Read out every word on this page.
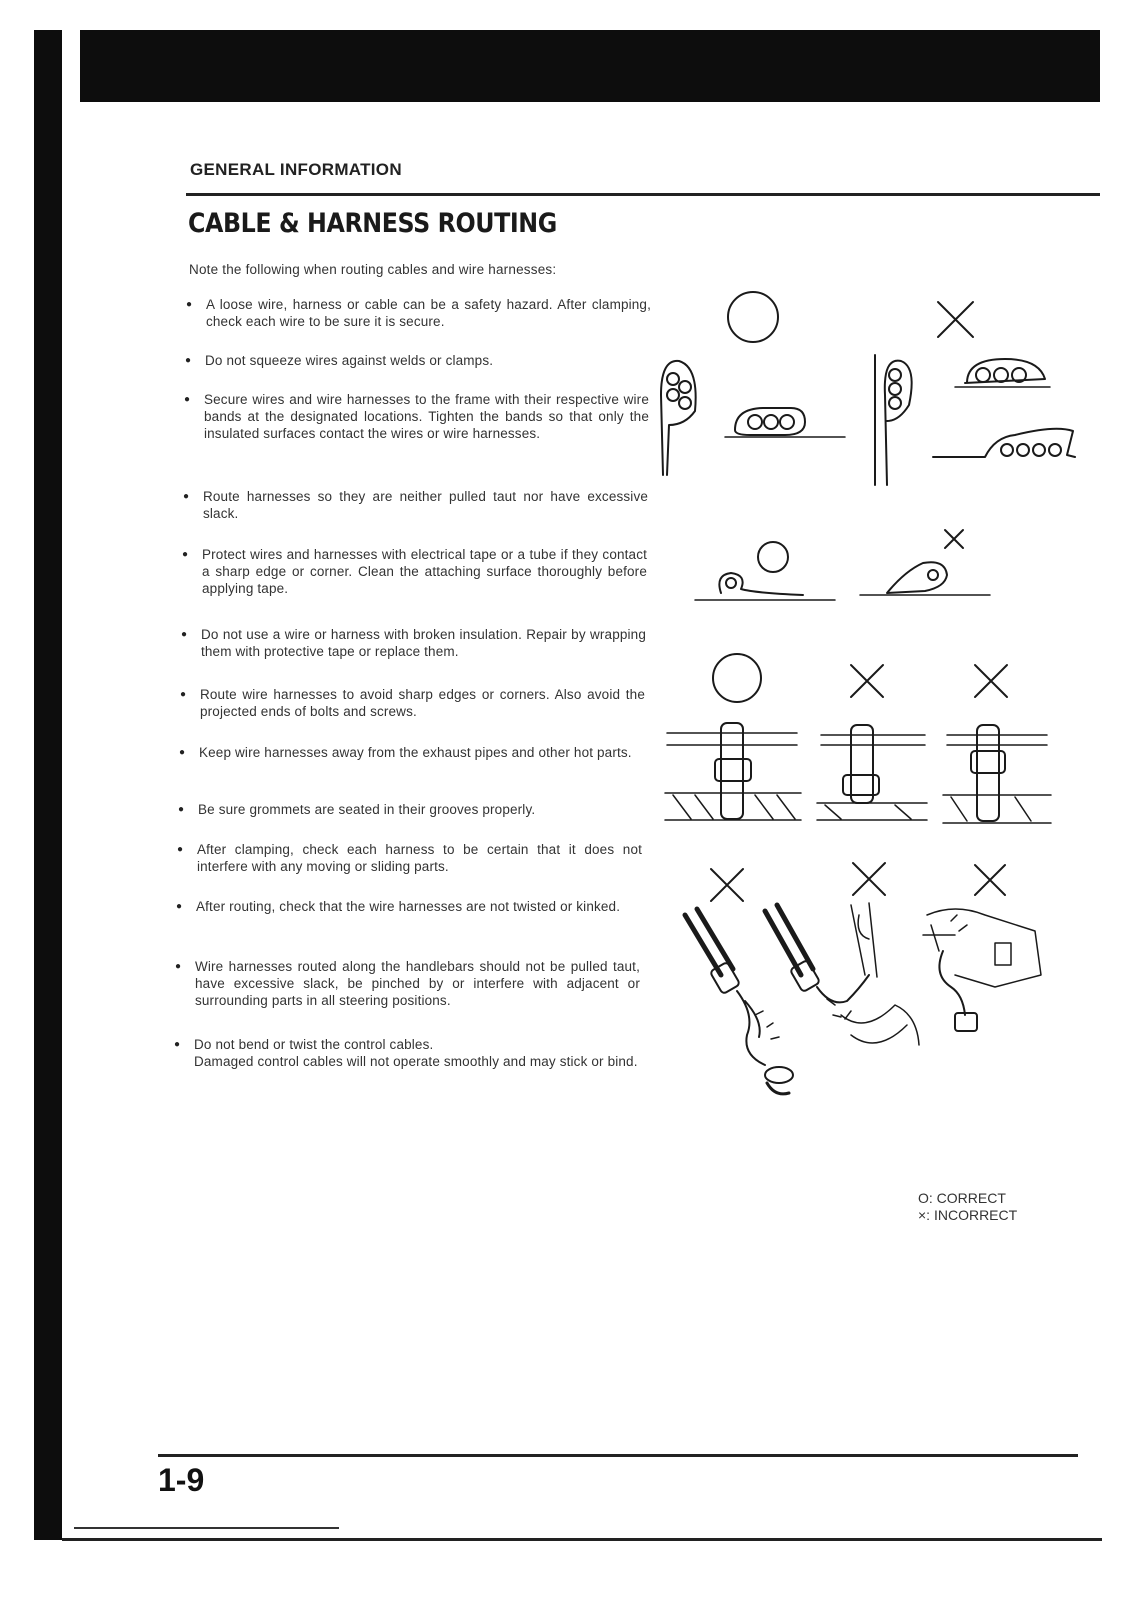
GENERAL INFORMATION
CABLE & HARNESS ROUTING
Note the following when routing cables and wire harnesses:
● A loose wire, harness or cable can be a safety hazard. After clamping, check each wire to be sure it is secure.
● Do not squeeze wires against welds or clamps.
● Secure wires and wire harnesses to the frame with their respective wire bands at the designated locations. Tighten the bands so that only the insulated surfaces contact the wires or wire harnesses.
● Route harnesses so they are neither pulled taut nor have excessive slack.
● Protect wires and harnesses with electrical tape or a tube if they contact a sharp edge or corner. Clean the attaching surface thoroughly before applying tape.
● Do not use a wire or harness with broken insulation. Repair by wrapping them with protective tape or replace them.
● Route wire harnesses to avoid sharp edges or corners. Also avoid the projected ends of bolts and screws.
● Keep wire harnesses away from the exhaust pipes and other hot parts.
● Be sure grommets are seated in their grooves properly.
● After clamping, check each harness to be certain that it does not interfere with any moving or sliding parts.
● After routing, check that the wire harnesses are not twisted or kinked.
● Wire harnesses routed along the handlebars should not be pulled taut, have excessive slack, be pinched by or interfere with adjacent or surrounding parts in all steering positions.
● Do not bend or twist the control cables.
Damaged control cables will not operate smoothly and may stick or bind.
O: CORRECT
×: INCORRECT
1-9
